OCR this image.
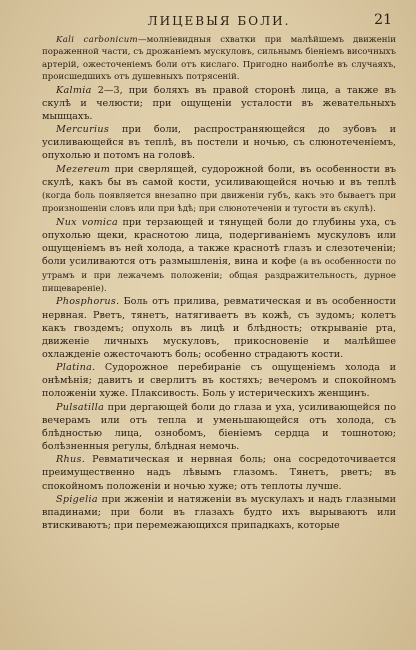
ЛИЦЕВЫЯ БОЛИ.	21

Kali carbonicum—молніевидныя схватки при малѣйшемъ движеніи пораженной части, съ дрожаніемъ мускуловъ, сильнымъ біеніемъ височныхъ артерій, ожесточеніемъ боли отъ кислаго. Пригодно наиболѣе въ случаяхъ, происшедшихъ отъ душевныхъ потрясеній.

Kalmia 2—3, при боляхъ въ правой сторонѣ лица, а также въ скулѣ и челюсти; при ощущеніи усталости въ жевательныхъ мышцахъ.

Mercurius при боли, распространяющейся до зубовъ и усиливающейся въ теплѣ, въ постели и ночью, съ слюнотеченіемъ, опухолью и потомъ на головѣ.

Mezereum при сверлящей, судорожной боли, въ особенности въ скулѣ, какъ бы въ самой кости, усиливающейся ночью и въ теплѣ (когда боль появляется внезапно при движеніи губъ, какъ это бываетъ при произношеніи словъ или при ѣдѣ; при слюнотеченіи и тугости въ скулѣ).

Nux vomica при терзающей и тянущей боли до глубины уха, съ опухолью щеки, краснотою лица, подергиваніемъ мускуловъ или ощущеніемъ въ ней холода, а также краснотѣ глазъ и слезотеченіи; боли усиливаются отъ размышленія, вина и кофе (а въ особенности по утрамъ и при лежачемъ положеніи; общая раздражительность, дурное пищевареніе).

Phosphorus. Боль отъ прилива, ревматическая и въ особенности нервная. Рветъ, тянетъ, натягиваетъ въ кожѣ, съ зудомъ; колетъ какъ гвоздемъ; опухоль въ лицѣ и блѣдность; открываніе рта, движеніе личныхъ мускуловъ, прикосновеніе и малѣйшее охлажденіе ожесточаютъ боль; особенно страдаютъ кости.

Platina. Судорожное перебираніе съ ощущеніемъ холода и онѣмѣнія; давитъ и сверлитъ въ костяхъ; вечеромъ и спокойномъ положеніи хуже. Плаксивость. Боль у истерическихъ женщинъ.

Pulsatilla при дергающей боли до глаза и уха, усиливающейся по вечерамъ или отъ тепла и уменьшающейся отъ холода, съ блѣдностью лица, ознобомъ, біеніемъ сердца и тошнотою; болѣзненныя регулы, блѣдная немочь.

Rhus. Ревматическая и нервная боль; она сосредоточивается преимущественно надъ лѣвымъ глазомъ. Тянетъ, рветъ; въ спокойномъ положеніи и ночью хуже; отъ теплоты лучше.

Spigelia при жженіи и натяженіи въ мускулахъ и надъ глазными впадинами; при боли въ глазахъ будто ихъ вырываютъ или втискиваютъ; при перемежающихся припадкахъ, которые
